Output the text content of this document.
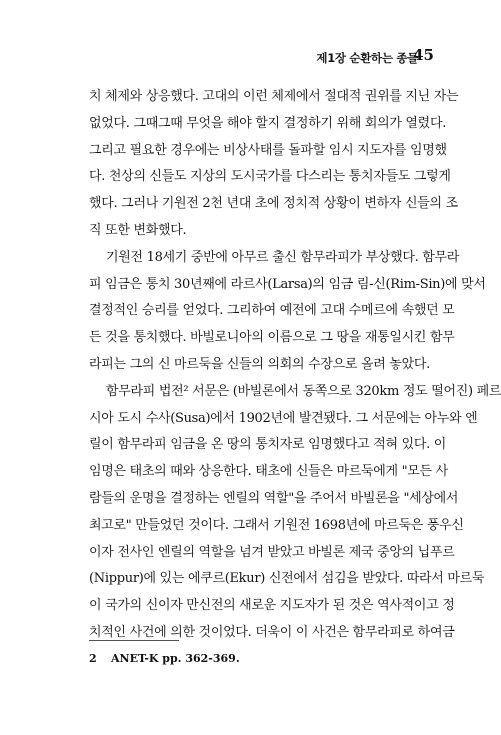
제1장 순환하는 종들
45
치 체제와 상응했다. 고대의 이런 체제에서 절대적 권위를 지닌 자는
없었다. 그때그때 무엇을 해야 할지 결정하기 위해 회의가 열렸다.
그리고 필요한 경우에는 비상사태를 돌파할 임시 지도자를 임명했
다. 천상의 신들도 지상의 도시국가를 다스리는 통치자들도 그렇게
했다. 그러나 기원전 2천 년대 초에 정치적 상황이 변하자 신들의 조
직 또한 변화했다.
기원전 18세기 중반에 아무르 출신 함무라피가 부상했다. 함무라
피 임금은 통치 30년째에 라르사(Larsa)의 임금 림-신(Rim-Sin)에 맞서
결정적인 승리를 얻었다. 그리하여 예전에 고대 수메르에 속했던 모
든 것을 통치했다. 바빌로니아의 이름으로 그 땅을 재통일시킨 함무
라피는 그의 신 마르둑을 신들의 의회의 수장으로 올려 놓았다.
함무라피 법전² 서문은 (바빌론에서 동쪽으로 320km 정도 떨어진) 페르
시아 도시 수사(Susa)에서 1902년에 발견됐다. 그 서문에는 아누와 엔
릴이 함무라피 임금을 온 땅의 통치자로 임명했다고 적혀 있다. 이
임명은 태초의 때와 상응한다. 태초에 신들은 마르둑에게 "모든 사
람들의 운명을 결정하는 엔릴의 역할"을 주어서 바빌론을 "세상에서
최고로" 만들었던 것이다. 그래서 기원전 1698년에 마르둑은 풍우신
이자 전사인 엔릴의 역할을 넘겨 받았고 바빌론 제국 중앙의 닙푸르
(Nippur)에 있는 에쿠르(Ekur) 신전에서 섬김을 받았다. 따라서 마르둑
이 국가의 신이자 만신전의 새로운 지도자가 된 것은 역사적이고 정
치적인 사건에 의한 것이었다. 더욱이 이 사건은 함무라피로 하여금
2 ANET-K pp. 362-369.
